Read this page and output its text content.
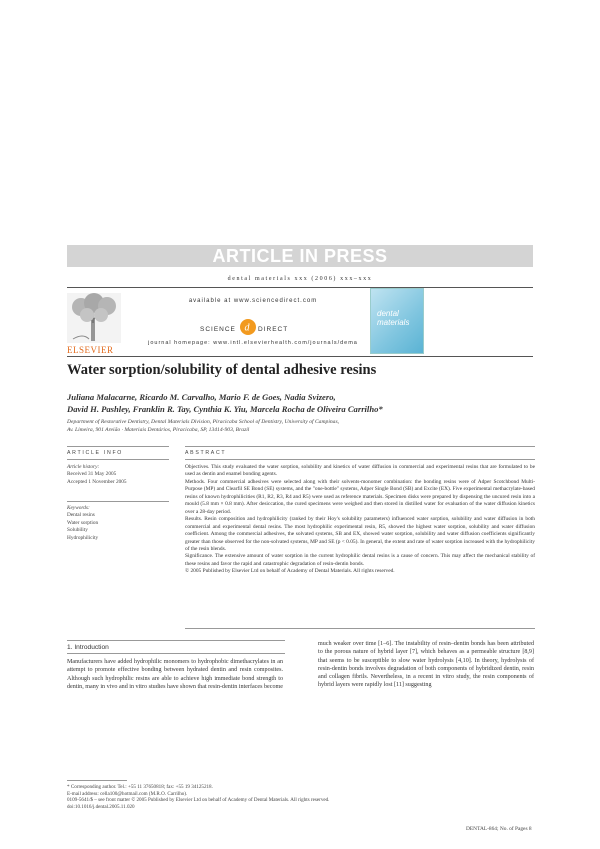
ARTICLE IN PRESS
dental materials xxx (2006) xxx–xxx
ELSEVIER
available at www.sciencedirect.com
SCIENCE d DIRECT
journal homepage: www.intl.elsevierhealth.com/journals/dema
dental materials
Water sorption/solubility of dental adhesive resins
Juliana Malacarne, Ricardo M. Carvalho, Mario F. de Goes, Nadia Svizero,
David H. Pashley, Franklin R. Tay, Cynthia K. Yiu, Marcela Rocha de Oliveira Carrilho*
Department of Restorative Dentistry, Dental Materials Division, Piracicaba School of Dentistry, University of Campinas,
Av. Limeira, 901 Areião · Materiais Dentários, Piracicaba, SP, 13414-903, Brazil
ARTICLE INFO
Article history:
Received 31 May 2005
Accepted 1 November 2005
Keywords:
Dental resins
Water sorption
Solubility
Hydrophilicity
ABSTRACT

Objectives. This study evaluated the water sorption, solubility and kinetics of water diffusion in commercial and experimental resins that are formulated to be used as dentin and enamel bonding agents.

Methods. Four commercial adhesives were selected along with their solvents-monomer combination: the bonding resins were of Adper Scotchbond Multi-Purpose (MP) and Clearfil SE Bond (SE) systems, and the "one-bottle" systems, Adper Single Bond (SB) and Excite (EX). Five experimental methacrylate-based resins of known hydrophilicities (R1, R2, R3, R4 and R5) were used as reference materials. Specimen disks were prepared by dispensing the uncured resin into a mould (5.8 mm × 0.8 mm). After desiccation, the cured specimens were weighed and then stored in distilled water for evaluation of the water diffusion kinetics over a 28-day period.

Results. Resin composition and hydrophilicity (ranked by their Hoy's solubility parameters) influenced water sorption, solubility and water diffusion in both commercial and experimental dental resins. The most hydrophilic experimental resin, R5, showed the highest water sorption, solubility and water diffusion coefficient. Among the commercial adhesives, the solvated systems, SB and EX, showed water sorption, solubility and water diffusion coefficients significantly greater than those observed for the non-solvated systems, MP and SE (p < 0.05). In general, the extent and rate of water sorption increased with the hydrophilicity of the resin blends.

Significance. The extensive amount of water sorption in the current hydrophilic dental resins is a cause of concern. This may affect the mechanical stability of these resins and favor the rapid and catastrophic degradation of resin-dentin bonds.

© 2005 Published by Elsevier Ltd on behalf of Academy of Dental Materials. All rights reserved.

1. Introduction
Manufacturers have added hydrophilic monomers to hydrophobic dimethacrylates in an attempt to promote effective bonding between hydrated dentin and resin composites. Although such hydrophilic resins are able to achieve high immediate bond strength to dentin, many in vivo and in vitro studies have shown that resin-dentin interfaces become
much weaker over time [1–6]. The instability of resin–dentin bonds has been attributed to the porous nature of hybrid layer [7], which behaves as a permeable structure [8,9] that seems to be susceptible to slow water hydrolysis [4,10]. In theory, hydrolysis of resin-dentin bonds involves degradation of both components of hybridized dentin, resin and collagen fibrils. Nevertheless, in a recent in vitro study, the resin components of hybrid layers were rapidly lost [11] suggesting
* Corresponding author. Tel.: +55 11 37650818; fax: +55 19 34125218.
E-mail address: cella100@hotmail.com (M.R.O. Carrilho).
0109-5641/$ – see front matter © 2005 Published by Elsevier Ltd on behalf of Academy of Dental Materials. All rights reserved.
doi:10.1016/j.dental.2005.11.020
DENTAL-864; No. of Pages 8
